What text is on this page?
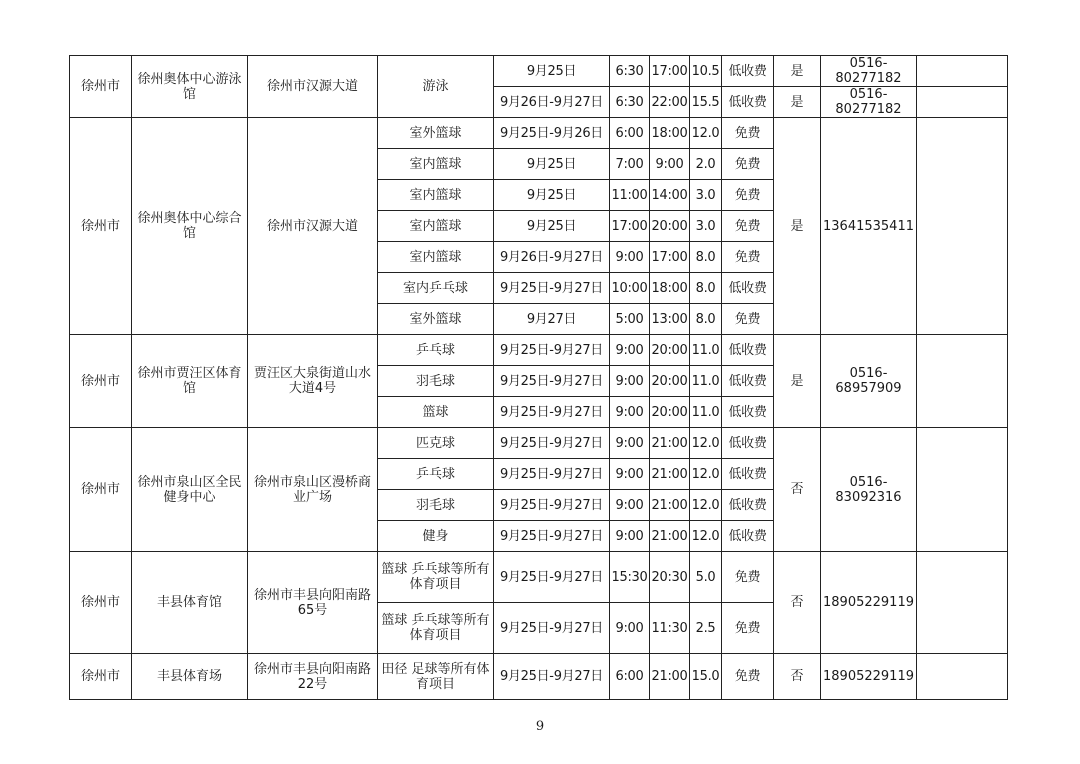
徐州市	徐州奥体中心游泳馆	徐州市汉源大道	游泳	9月25日	6:30	17:00	10.5	低收费	是	0516-80277182	
				9月26日-9月27日	6:30	22:00	15.5	低收费	是	0516-80277182	
徐州市	徐州奥体中心综合馆	徐州市汉源大道	室外篮球	9月25日-9月26日	6:00	18:00	12.0	免费	是	13641535411	
			室内篮球	9月25日	7:00	9:00	2.0	免费			
			室内篮球	9月25日	11:00	14:00	3.0	免费			
			室内篮球	9月25日	17:00	20:00	3.0	免费			
			室内篮球	9月26日-9月27日	9:00	17:00	8.0	免费			
			室内乒乓球	9月25日-9月27日	10:00	18:00	8.0	低收费			
			室外篮球	9月27日	5:00	13:00	8.0	免费			
徐州市	徐州市贾汪区体育馆	贾汪区大泉街道山水大道4号	乒乓球	9月25日-9月27日	9:00	20:00	11.0	低收费	是	0516-68957909	
			羽毛球	9月25日-9月27日	9:00	20:00	11.0	低收费			
			篮球	9月25日-9月27日	9:00	20:00	11.0	低收费			
徐州市	徐州市泉山区全民健身中心	徐州市泉山区漫桥商业广场	匹克球	9月25日-9月27日	9:00	21:00	12.0	低收费	否	0516-83092316	
			乒乓球	9月25日-9月27日	9:00	21:00	12.0	低收费			
			羽毛球	9月25日-9月27日	9:00	21:00	12.0	低收费			
			健身	9月25日-9月27日	9:00	21:00	12.0	低收费			
徐州市	丰县体育馆	徐州市丰县向阳南路65号	篮球 乒乓球等所有体育项目	9月25日-9月27日	15:30	20:30	5.0	免费	否	18905229119	
			篮球 乒乓球等所有体育项目	9月25日-9月27日	9:00	11:30	2.5	免费			
徐州市	丰县体育场	徐州市丰县向阳南路22号	田径 足球等所有体育项目	9月25日-9月27日	6:00	21:00	15.0	免费	否	18905229119	
9
